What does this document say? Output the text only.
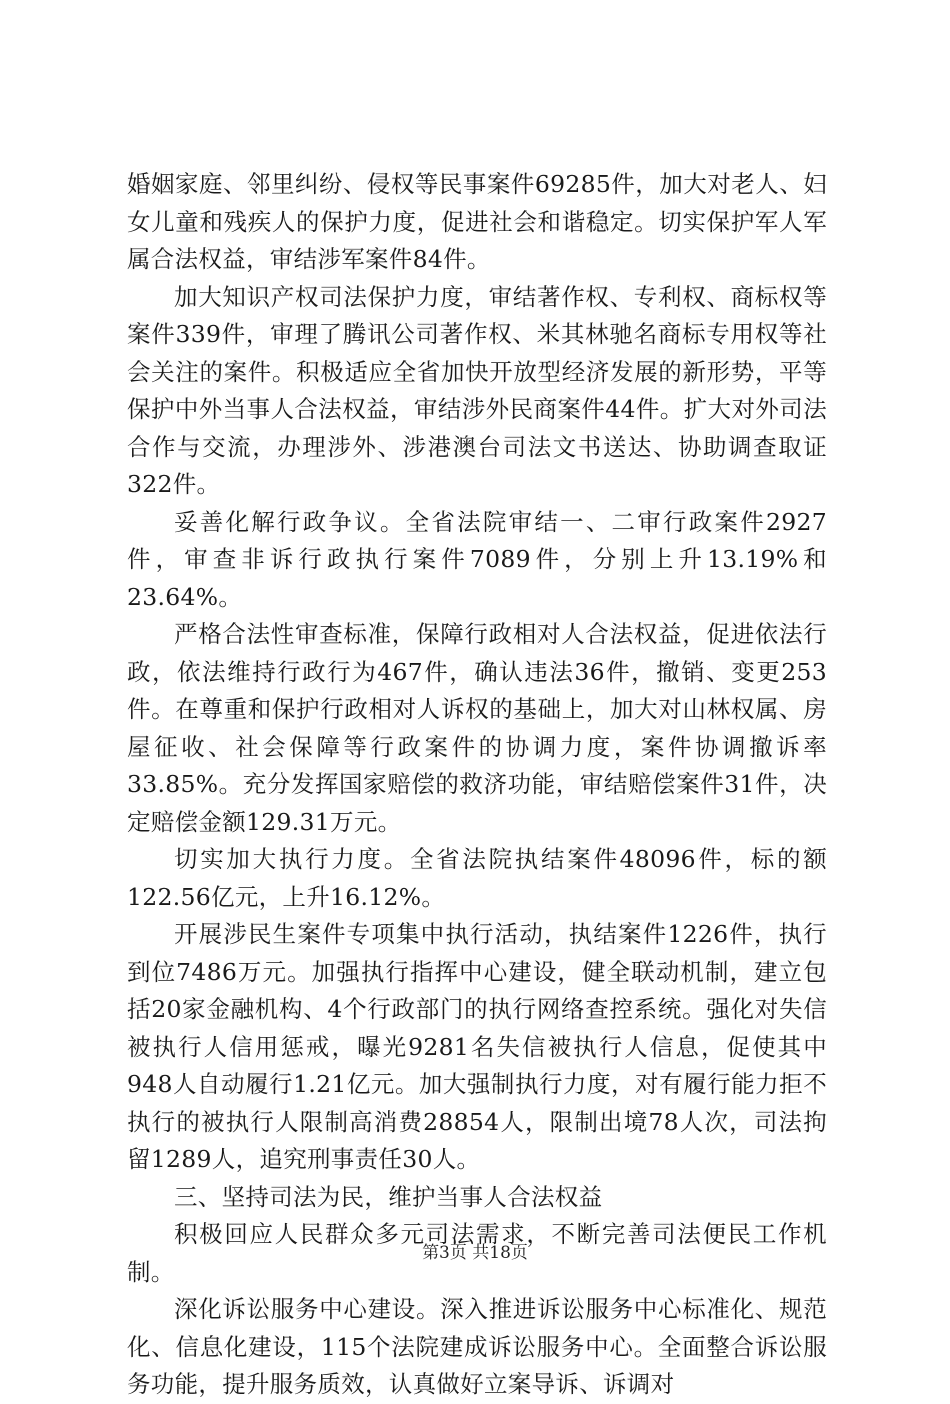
婚姻家庭、邻里纠纷、侵权等民事案件69285件，加大对老人、妇女儿童和残疾人的保护力度，促进社会和谐稳定。切实保护军人军属合法权益，审结涉军案件84件。

加大知识产权司法保护力度，审结著作权、专利权、商标权等案件339件，审理了腾讯公司著作权、米其林驰名商标专用权等社会关注的案件。积极适应全省加快开放型经济发展的新形势，平等保护中外当事人合法权益，审结涉外民商案件44件。扩大对外司法合作与交流，办理涉外、涉港澳台司法文书送达、协助调查取证322件。

妥善化解行政争议。全省法院审结一、二审行政案件2927件，审查非诉行政执行案件7089件，分别上升13.19%和23.64%。

严格合法性审查标准，保障行政相对人合法权益，促进依法行政，依法维持行政行为467件，确认违法36件，撤销、变更253件。在尊重和保护行政相对人诉权的基础上，加大对山林权属、房屋征收、社会保障等行政案件的协调力度，案件协调撤诉率33.85%。充分发挥国家赔偿的救济功能，审结赔偿案件31件，决定赔偿金额129.31万元。

切实加大执行力度。全省法院执结案件48096件，标的额122.56亿元，上升16.12%。

开展涉民生案件专项集中执行活动，执结案件1226件，执行到位7486万元。加强执行指挥中心建设，健全联动机制，建立包括20家金融机构、4个行政部门的执行网络查控系统。强化对失信被执行人信用惩戒，曝光9281名失信被执行人信息，促使其中948人自动履行1.21亿元。加大强制执行力度，对有履行能力拒不执行的被执行人限制高消费28854人，限制出境78人次，司法拘留1289人，追究刑事责任30人。

三、坚持司法为民，维护当事人合法权益

积极回应人民群众多元司法需求，不断完善司法便民工作机制。

深化诉讼服务中心建设。深入推进诉讼服务中心标准化、规范化、信息化建设，115个法院建成诉讼服务中心。全面整合诉讼服务功能，提升服务质效，认真做好立案导诉、诉调对

第3页 共18页
